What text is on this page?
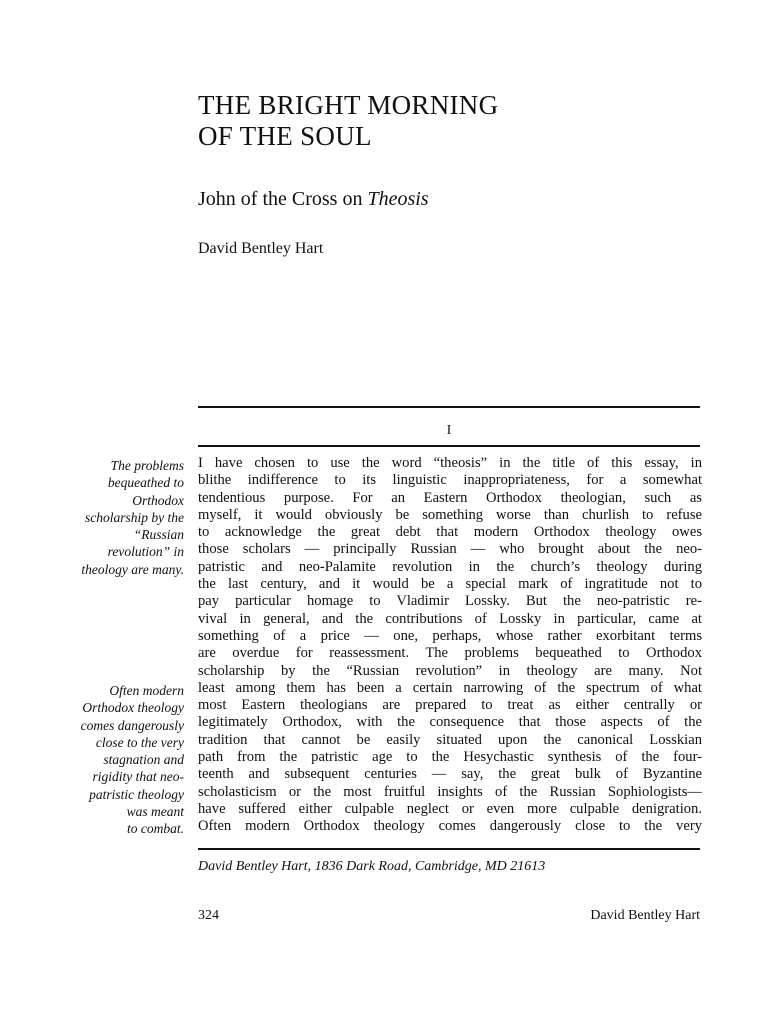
THE BRIGHT MORNING
OF THE SOUL
John of the Cross on Theosis
David Bentley Hart
I
The problems
bequeathed to
Orthodox
scholarship by the
“Russian
revolution” in
theology are many.
Often modern
Orthodox theology
comes dangerously
close to the very
stagnation and
rigidity that neo-
patristic theology
was meant
to combat.
I have chosen to use the word “theosis” in the title of this essay, in
blithe indifference to its linguistic inappropriateness, for a somewhat
tendentious purpose. For an Eastern Orthodox theologian, such as
myself, it would obviously be something worse than churlish to refuse
to acknowledge the great debt that modern Orthodox theology owes
those scholars — principally Russian — who brought about the neo-
patristic and neo-Palamite revolution in the church’s theology during
the last century, and it would be a special mark of ingratitude not to
pay particular homage to Vladimir Lossky. But the neo-patristic re-
vival in general, and the contributions of Lossky in particular, came at
something of a price — one, perhaps, whose rather exorbitant terms
are overdue for reassessment. The problems bequeathed to Orthodox
scholarship by the “Russian revolution” in theology are many. Not
least among them has been a certain narrowing of the spectrum of what
most Eastern theologians are prepared to treat as either centrally or
legitimately Orthodox, with the consequence that those aspects of the
tradition that cannot be easily situated upon the canonical Losskian
path from the patristic age to the Hesychastic synthesis of the four-
teenth and subsequent centuries — say, the great bulk of Byzantine
scholasticism or the most fruitful insights of the Russian Sophiologists—
have suffered either culpable neglect or even more culpable denigration.
Often modern Orthodox theology comes dangerously close to the very
David Bentley Hart, 1836 Dark Road, Cambridge, MD 21613
324	David Bentley Hart
